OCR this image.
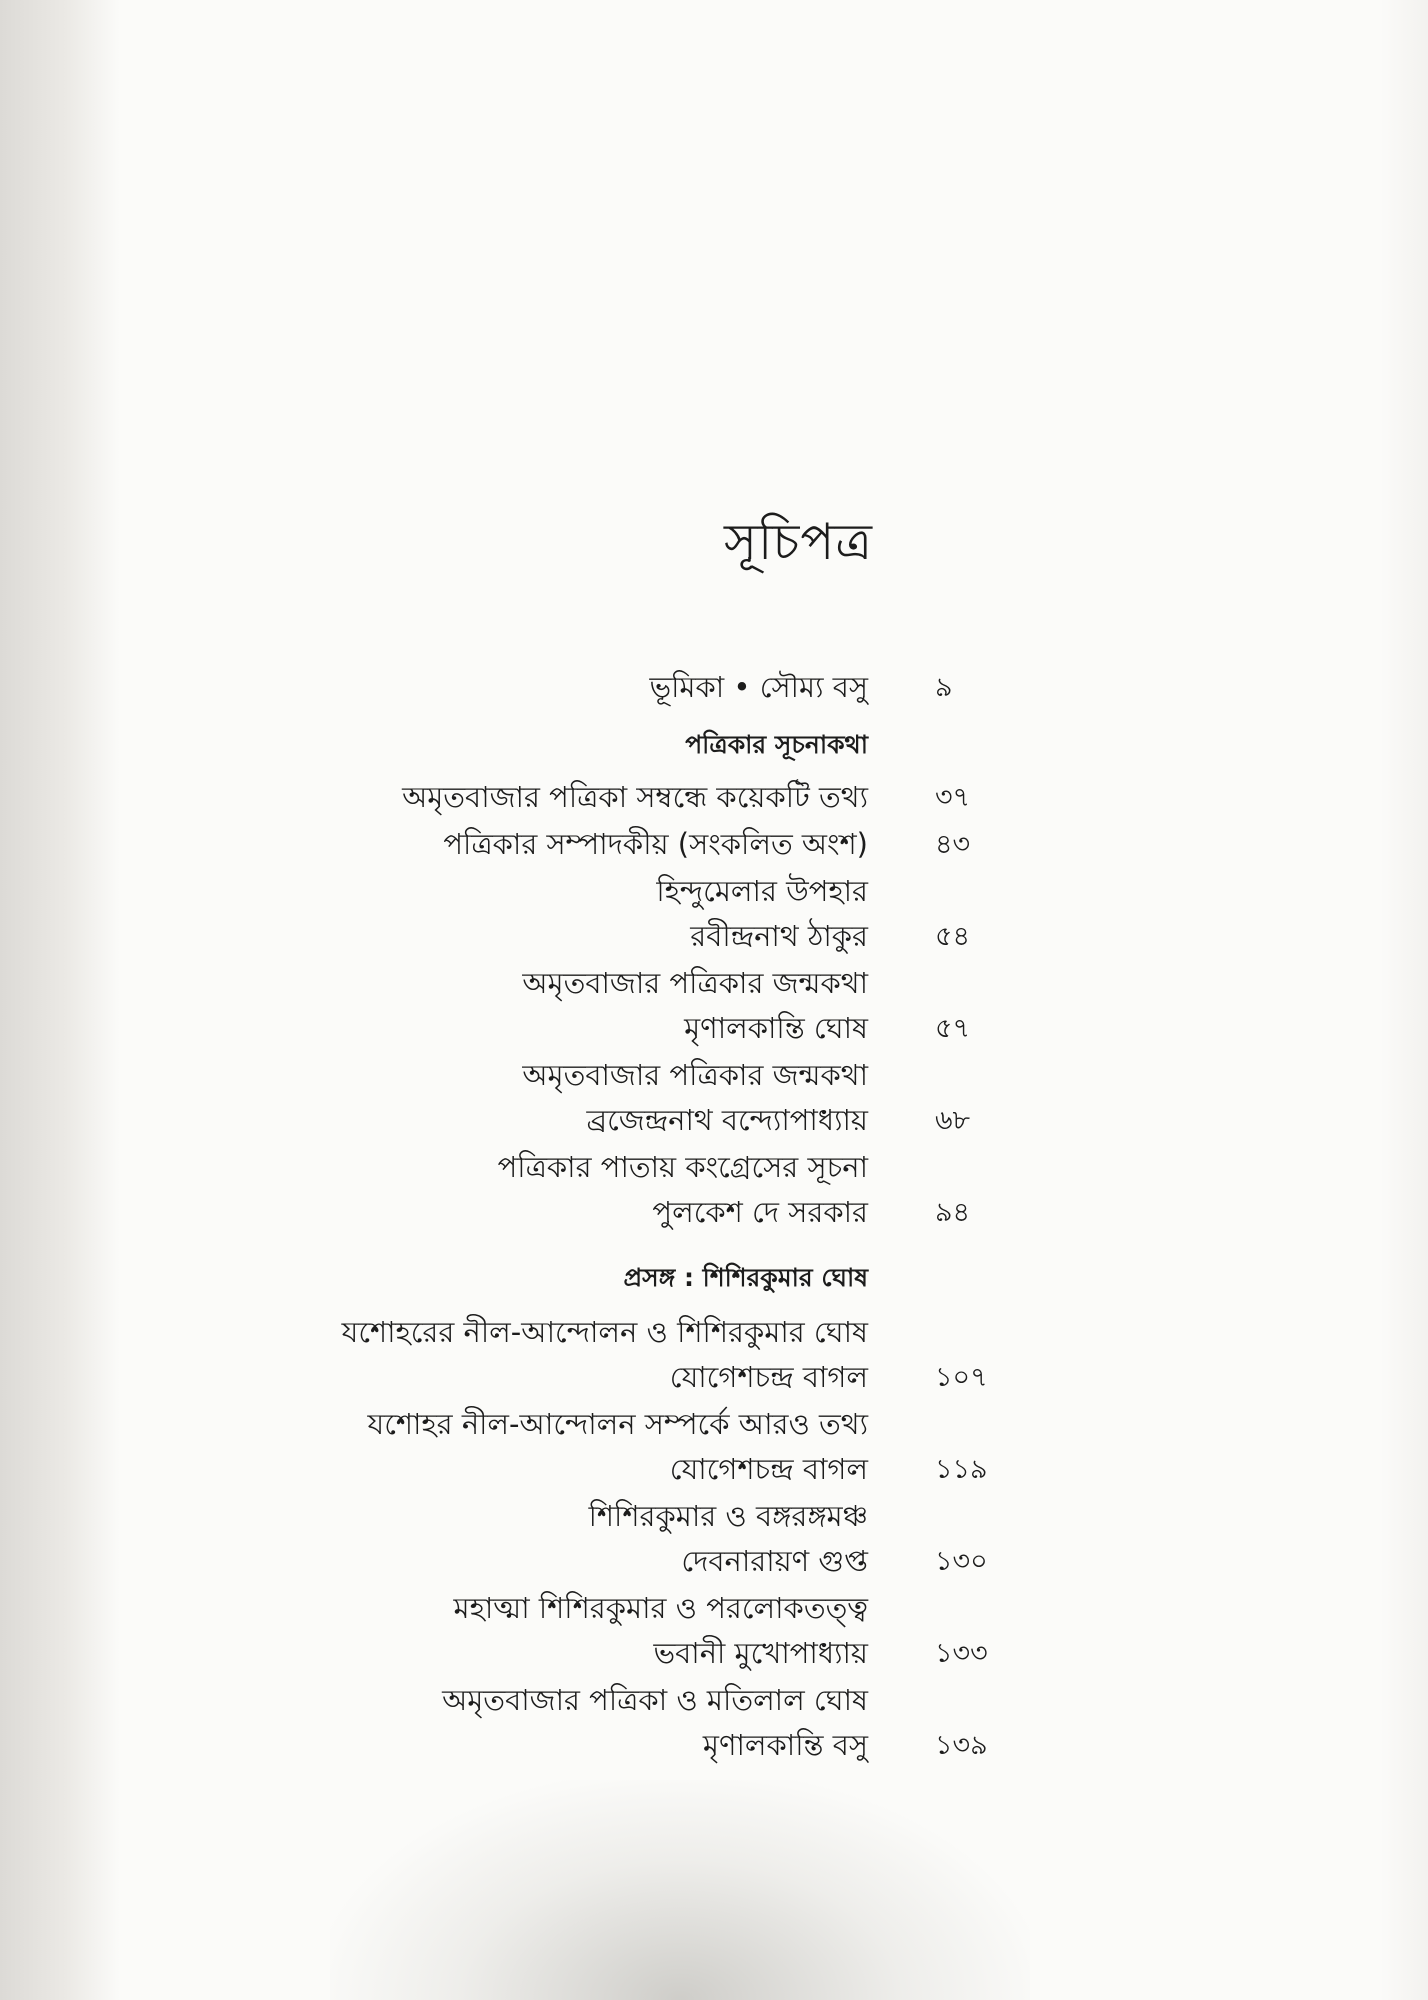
সূচিপত্র
ভূমিকা • সৌম্য বসু ৯
পত্রিকার সূচনাকথা
অমৃতবাজার পত্রিকা সম্বন্ধে কয়েকটি তথ্য ৩৭
পত্রিকার সম্পাদকীয় (সংকলিত অংশ) ৪৩
হিন্দুমেলার উপহার
রবীন্দ্রনাথ ঠাকুর ৫৪
অমৃতবাজার পত্রিকার জন্মকথা
মৃণালকান্তি ঘোষ ৫৭
অমৃতবাজার পত্রিকার জন্মকথা
ব্রজেন্দ্রনাথ বন্দ্যোপাধ্যায় ৬৮
পত্রিকার পাতায় কংগ্রেসের সূচনা
পুলকেশ দে সরকার ৯৪
প্রসঙ্গ : শিশিরকুমার ঘোষ
যশোহরের নীল-আন্দোলন ও শিশিরকুমার ঘোষ
যোগেশচন্দ্র বাগল ১০৭
যশোহর নীল-আন্দোলন সম্পর্কে আরও তথ্য
যোগেশচন্দ্র বাগল ১১৯
শিশিরকুমার ও বঙ্গরঙ্গমঞ্চ
দেবনারায়ণ গুপ্ত ১৩০
মহাত্মা শিশিরকুমার ও পরলোকতত্ত্ব
ভবানী মুখোপাধ্যায় ১৩৩
অমৃতবাজার পত্রিকা ও মতিলাল ঘোষ
মৃণালকান্তি বসু ১৩৯
